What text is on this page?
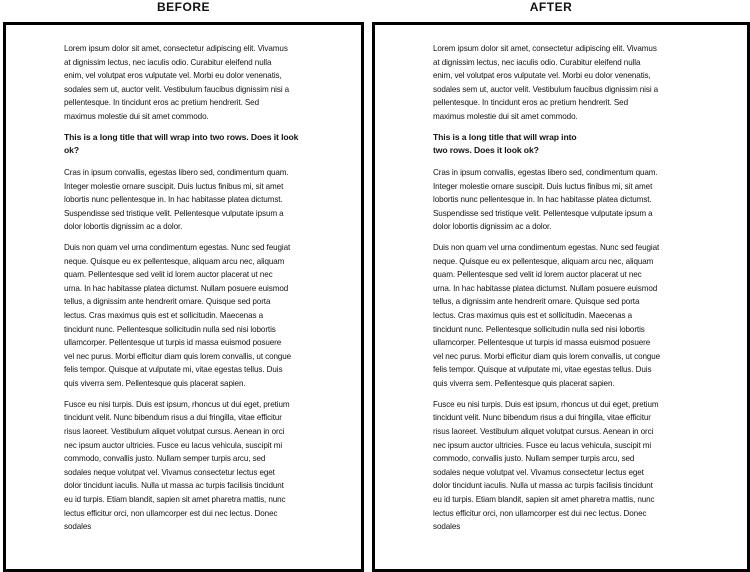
BEFORE	AFTER

Lorem ipsum dolor sit amet, consectetur adipiscing elit. Vivamus at dignissim lectus, nec iaculis odio. Curabitur eleifend nulla enim, vel volutpat eros vulputate vel. Morbi eu dolor venenatis, sodales sem ut, auctor velit. Vestibulum faucibus dignissim nisi a pellentesque. In tincidunt eros ac pretium hendrerit. Sed maximus molestie dui sit amet commodo.

This is a long title that will wrap into two rows. Does it look ok?

Cras in ipsum convallis, egestas libero sed, condimentum quam. Integer molestie ornare suscipit. Duis luctus finibus mi, sit amet lobortis nunc pellentesque in. In hac habitasse platea dictumst. Suspendisse sed tristique velit. Pellentesque vulputate ipsum a dolor lobortis dignissim ac a dolor.

Duis non quam vel urna condimentum egestas. Nunc sed feugiat neque. Quisque eu ex pellentesque, aliquam arcu nec, aliquam quam. Pellentesque sed velit id lorem auctor placerat ut nec urna. In hac habitasse platea dictumst. Nullam posuere euismod tellus, a dignissim ante hendrerit ornare. Quisque sed porta lectus. Cras maximus quis est et sollicitudin. Maecenas a tincidunt nunc. Pellentesque sollicitudin nulla sed nisi lobortis ullamcorper. Pellentesque ut turpis id massa euismod posuere vel nec purus. Morbi efficitur diam quis lorem convallis, ut congue felis tempor. Quisque at vulputate mi, vitae egestas tellus. Duis quis viverra sem. Pellentesque quis placerat sapien.

Fusce eu nisi turpis. Duis est ipsum, rhoncus ut dui eget, pretium tincidunt velit. Nunc bibendum risus a dui fringilla, vitae efficitur risus laoreet. Vestibulum aliquet volutpat cursus. Aenean in orci nec ipsum auctor ultricies. Fusce eu lacus vehicula, suscipit mi commodo, convallis justo. Nullam semper turpis arcu, sed sodales neque volutpat vel. Vivamus consectetur lectus eget dolor tincidunt iaculis. Nulla ut massa ac turpis facilisis tincidunt eu id turpis. Etiam blandit, sapien sit amet pharetra mattis, nunc lectus efficitur orci, non ullamcorper est dui nec lectus. Donec sodales

Lorem ipsum dolor sit amet, consectetur adipiscing elit. Vivamus at dignissim lectus, nec iaculis odio. Curabitur eleifend nulla enim, vel volutpat eros vulputate vel. Morbi eu dolor venenatis, sodales sem ut, auctor velit. Vestibulum faucibus dignissim nisi a pellentesque. In tincidunt eros ac pretium hendrerit. Sed maximus molestie dui sit amet commodo.

This is a long title that will wrap into two rows. Does it look ok?

Cras in ipsum convallis, egestas libero sed, condimentum quam. Integer molestie ornare suscipit. Duis luctus finibus mi, sit amet lobortis nunc pellentesque in. In hac habitasse platea dictumst. Suspendisse sed tristique velit. Pellentesque vulputate ipsum a dolor lobortis dignissim ac a dolor.

Duis non quam vel urna condimentum egestas. Nunc sed feugiat neque. Quisque eu ex pellentesque, aliquam arcu nec, aliquam quam. Pellentesque sed velit id lorem auctor placerat ut nec urna. In hac habitasse platea dictumst. Nullam posuere euismod tellus, a dignissim ante hendrerit ornare. Quisque sed porta lectus. Cras maximus quis est et sollicitudin. Maecenas a tincidunt nunc. Pellentesque sollicitudin nulla sed nisi lobortis ullamcorper. Pellentesque ut turpis id massa euismod posuere vel nec purus. Morbi efficitur diam quis lorem convallis, ut congue felis tempor. Quisque at vulputate mi, vitae egestas tellus. Duis quis viverra sem. Pellentesque quis placerat sapien.

Fusce eu nisi turpis. Duis est ipsum, rhoncus ut dui eget, pretium tincidunt velit. Nunc bibendum risus a dui fringilla, vitae efficitur risus laoreet. Vestibulum aliquet volutpat cursus. Aenean in orci nec ipsum auctor ultricies. Fusce eu lacus vehicula, suscipit mi commodo, convallis justo. Nullam semper turpis arcu, sed sodales neque volutpat vel. Vivamus consectetur lectus eget dolor tincidunt iaculis. Nulla ut massa ac turpis facilisis tincidunt eu id turpis. Etiam blandit, sapien sit amet pharetra mattis, nunc lectus efficitur orci, non ullamcorper est dui nec lectus. Donec sodales
